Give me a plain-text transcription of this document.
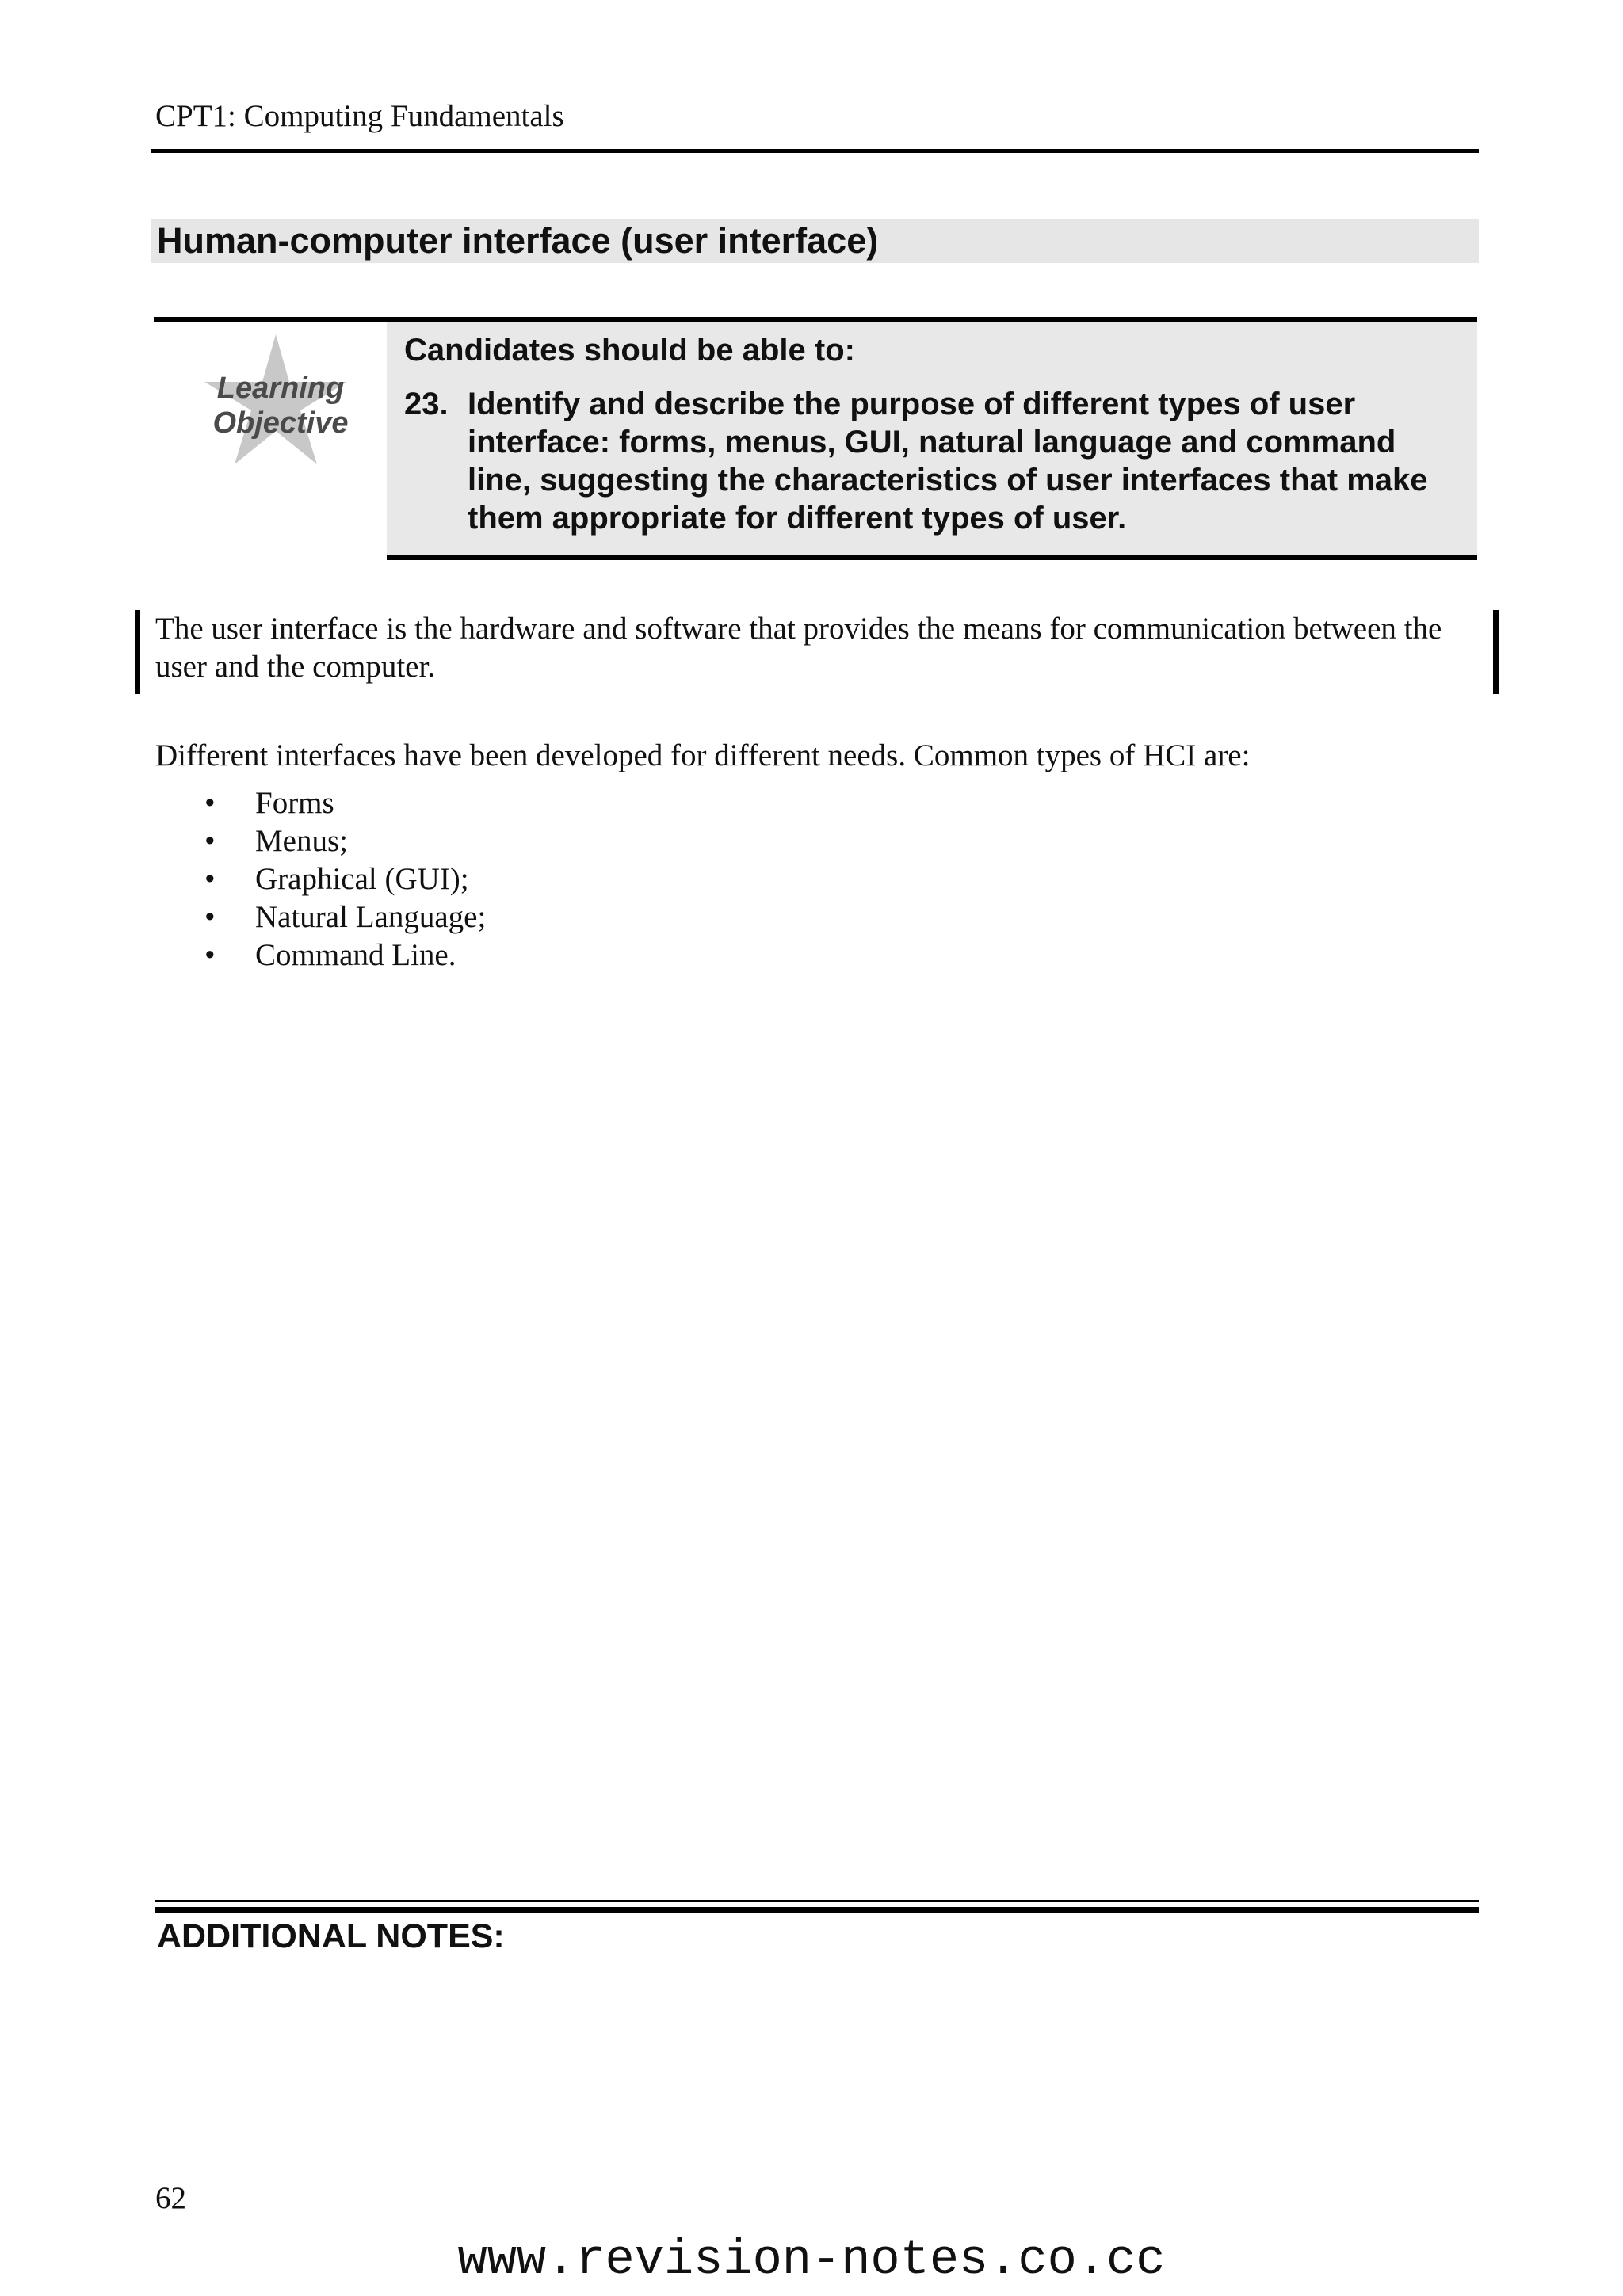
CPT1: Computing Fundamentals
Human-computer interface (user interface)
Learning
Objective
Candidates should be able to:
23. Identify and describe the purpose of different types of user interface: forms, menus, GUI, natural language and command line, suggesting the characteristics of user interfaces that make them appropriate for different types of user.
The user interface is the hardware and software that provides the means for communication between the user and the computer.
Different interfaces have been developed for different needs. Common types of HCI are:
• Forms
• Menus;
• Graphical (GUI);
• Natural Language;
• Command Line.
ADDITIONAL NOTES:
62
www.revision-notes.co.cc
